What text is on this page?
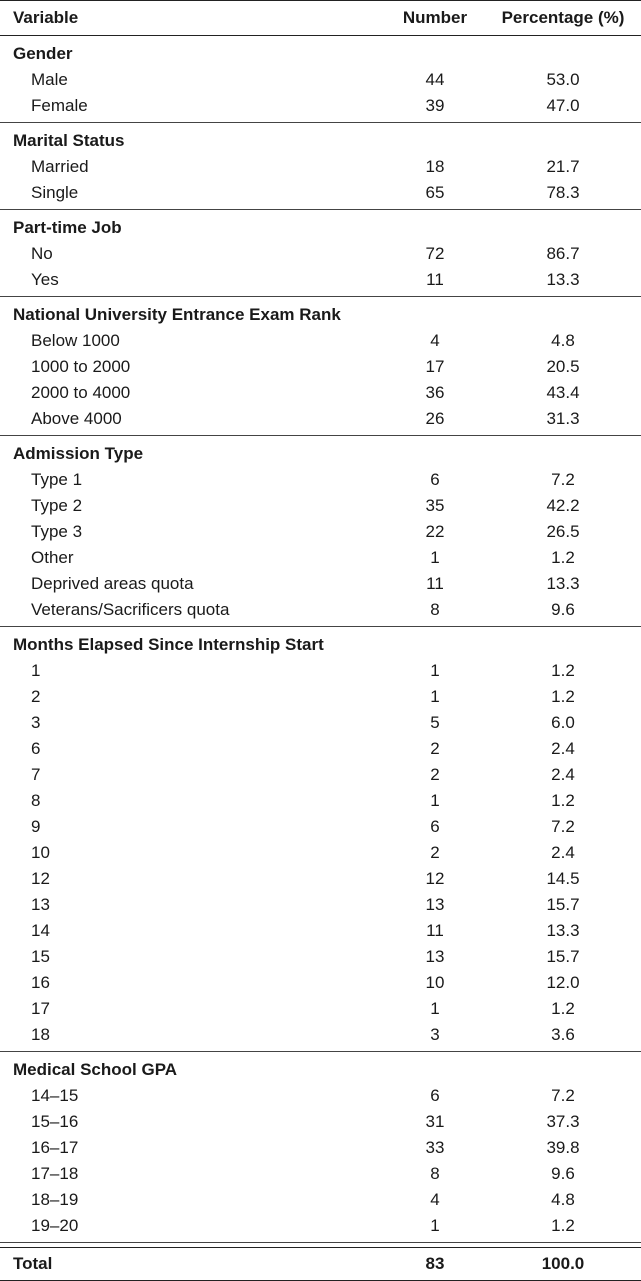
Variable	Number	Percentage (%)
Gender
Male	44	53.0
Female	39	47.0
Marital Status
Married	18	21.7
Single	65	78.3
Part-time Job
No	72	86.7
Yes	11	13.3
National University Entrance Exam Rank
Below 1000	4	4.8
1000 to 2000	17	20.5
2000 to 4000	36	43.4
Above 4000	26	31.3
Admission Type
Type 1	6	7.2
Type 2	35	42.2
Type 3	22	26.5
Other	1	1.2
Deprived areas quota	11	13.3
Veterans/Sacrificers quota	8	9.6
Months Elapsed Since Internship Start
1	1	1.2
2	1	1.2
3	5	6.0
6	2	2.4
7	2	2.4
8	1	1.2
9	6	7.2
10	2	2.4
12	12	14.5
13	13	15.7
14	11	13.3
15	13	15.7
16	10	12.0
17	1	1.2
18	3	3.6
Medical School GPA
14–15	6	7.2
15–16	31	37.3
16–17	33	39.8
17–18	8	9.6
18–19	4	4.8
19–20	1	1.2
Total	83	100.0
